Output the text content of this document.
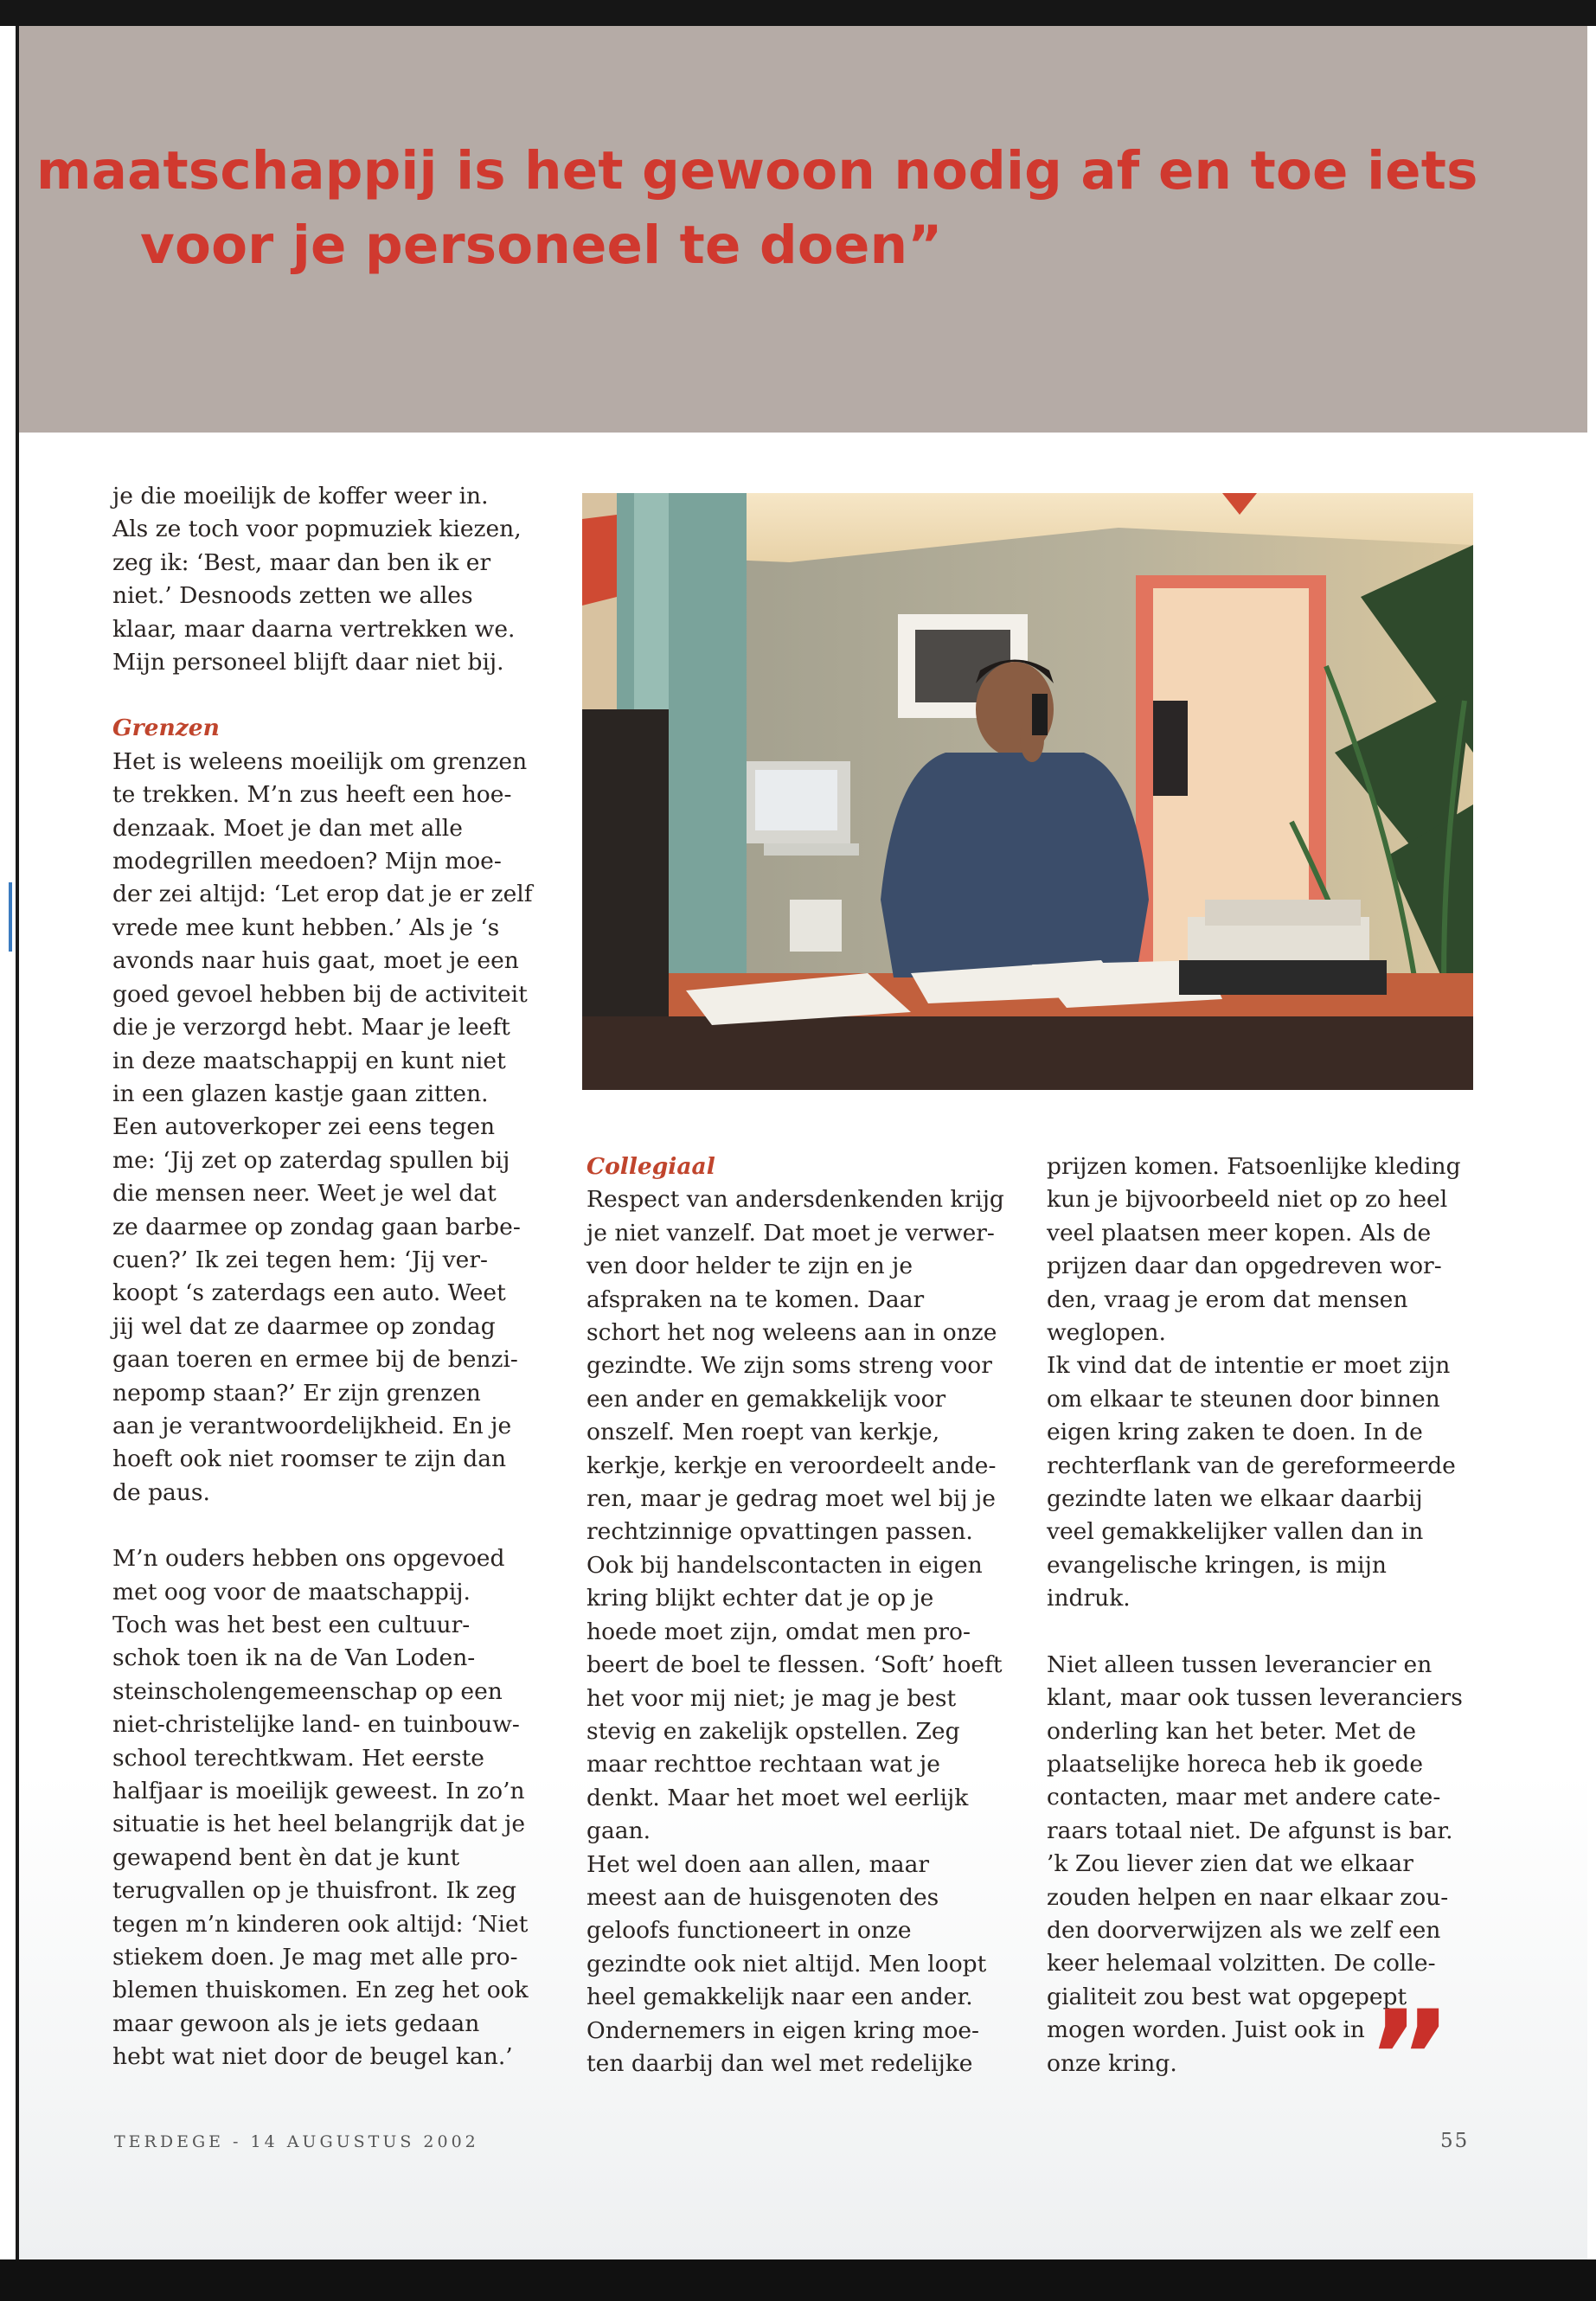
maatschappij is het gewoon nodig af en toe iets
voor je personeel te doen”

je die moeilijk de koffer weer in.

Als ze toch voor popmuziek kiezen,

zeg ik: ‘Best, maar dan ben ik er

niet.’ Desnoods zetten we alles

klaar, maar daarna vertrekken we.

Mijn personeel blijft daar niet bij.

Grenzen

Het is weleens moeilijk om grenzen

te trekken. M’n zus heeft een hoe-

denzaak. Moet je dan met alle

modegrillen meedoen? Mijn moe-

der zei altijd: ‘Let erop dat je er zelf

vrede mee kunt hebben.’ Als je ‘s

avonds naar huis gaat, moet je een

goed gevoel hebben bij de activiteit

die je verzorgd hebt. Maar je leeft

in deze maatschappij en kunt niet

in een glazen kastje gaan zitten.

Een autoverkoper zei eens tegen

me: ‘Jij zet op zaterdag spullen bij

die mensen neer. Weet je wel dat

ze daarmee op zondag gaan barbe-

cuen?’ Ik zei tegen hem: ‘Jij ver-

koopt ‘s zaterdags een auto. Weet

jij wel dat ze daarmee op zondag

gaan toeren en ermee bij de benzi-

nepomp staan?’ Er zijn grenzen

aan je verantwoordelijkheid. En je

hoeft ook niet roomser te zijn dan

de paus.

M’n ouders hebben ons opgevoed

met oog voor de maatschappij.

Toch was het best een cultuur-

schok toen ik na de Van Loden-

steinscholengemeenschap op een

niet-christelijke land- en tuinbouw-

school terechtkwam. Het eerste

halfjaar is moeilijk geweest. In zo’n

situatie is het heel belangrijk dat je

gewapend bent èn dat je kunt

terugvallen op je thuisfront. Ik zeg

tegen m’n kinderen ook altijd: ‘Niet

stiekem doen. Je mag met alle pro-

blemen thuiskomen. En zeg het ook

maar gewoon als je iets gedaan

hebt wat niet door de beugel kan.’

Collegiaal

Respect van andersdenkenden krijg

je niet vanzelf. Dat moet je verwer-

ven door helder te zijn en je

afspraken na te komen. Daar

schort het nog weleens aan in onze

gezindte. We zijn soms streng voor

een ander en gemakkelijk voor

onszelf. Men roept van kerkje,

kerkje, kerkje en veroordeelt ande-

ren, maar je gedrag moet wel bij je

rechtzinnige opvattingen passen.

Ook bij handelscontacten in eigen

kring blijkt echter dat je op je

hoede moet zijn, omdat men pro-

beert de boel te flessen. ‘Soft’ hoeft

het voor mij niet; je mag je best

stevig en zakelijk opstellen. Zeg

maar rechttoe rechtaan wat je

denkt. Maar het moet wel eerlijk

gaan.

Het wel doen aan allen, maar

meest aan de huisgenoten des

geloofs functioneert in onze

gezindte ook niet altijd. Men loopt

heel gemakkelijk naar een ander.

Ondernemers in eigen kring moe-

ten daarbij dan wel met redelijke

prijzen komen. Fatsoenlijke kleding

kun je bijvoorbeeld niet op zo heel

veel plaatsen meer kopen. Als de

prijzen daar dan opgedreven wor-

den, vraag je erom dat mensen

weglopen.

Ik vind dat de intentie er moet zijn

om elkaar te steunen door binnen

eigen kring zaken te doen. In de

rechterflank van de gereformeerde

gezindte laten we elkaar daarbij

veel gemakkelijker vallen dan in

evangelische kringen, is mijn

indruk.

Niet alleen tussen leverancier en

klant, maar ook tussen leveranciers

onderling kan het beter. Met de

plaatselijke horeca heb ik goede

contacten, maar met andere cate-

raars totaal niet. De afgunst is bar.

’k Zou liever zien dat we elkaar

zouden helpen en naar elkaar zou-

den doorverwijzen als we zelf een

keer helemaal volzitten. De colle-

gialiteit zou best wat opgepept

mogen worden. Juist ook in

onze kring.	”
TERDEGE - 14 AUGUSTUS 2002	55
